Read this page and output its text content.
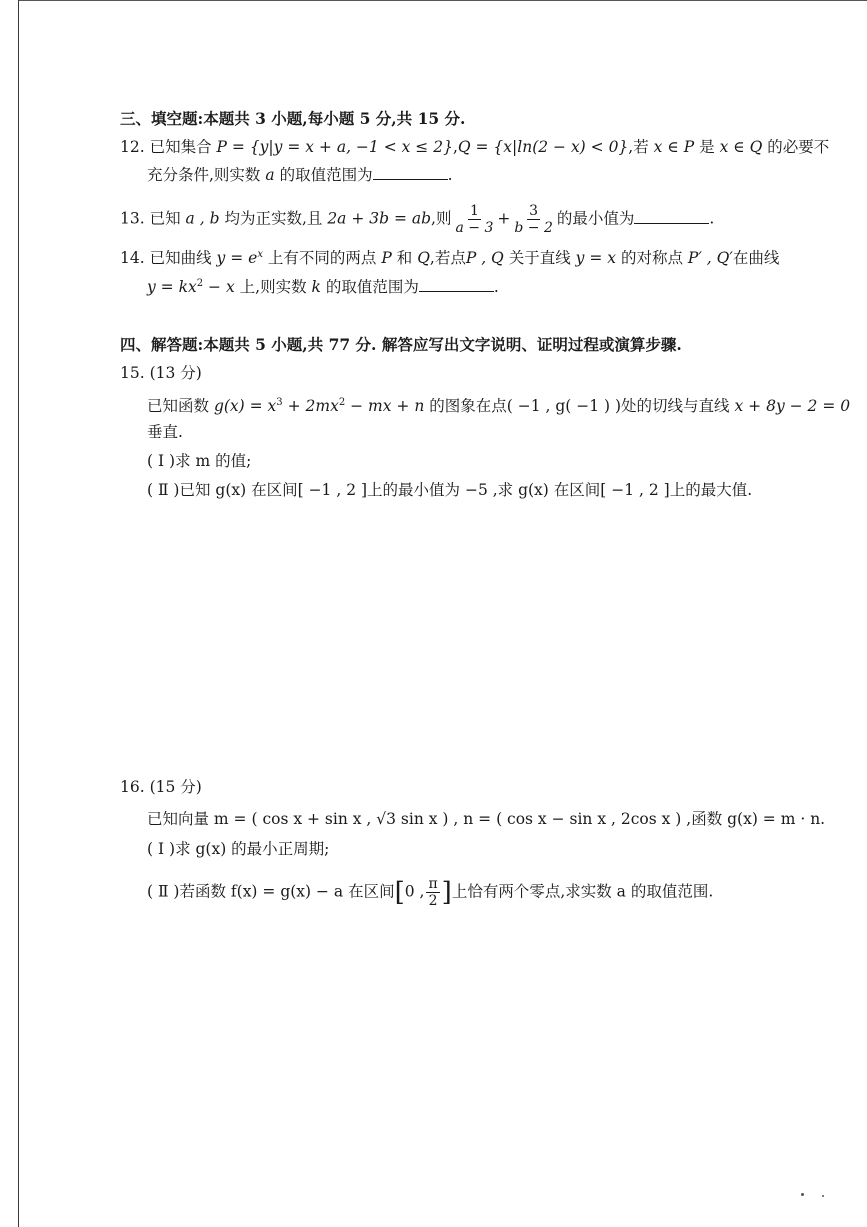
三、填空题:本题共 3 小题,每小题 5 分,共 15 分.
12. 已知集合 P = {y|y = x + a, −1 < x ≤ 2},Q = {x|ln(2 − x) < 0},若 x ∈ P 是 x ∈ Q 的必要不
充分条件,则实数 a 的取值范围为	.
13. 已知 a , b 均为正实数,且 2a + 3b = ab,则 $\frac{1}{a - 3} + \frac{3}{b - 2}$ 的最小值为	.
14. 已知曲线 $y = e^x$ 上有不同的两点 P 和 Q,若点P , Q 关于直线 y = x 的对称点 P′ , Q′在曲线
$y = kx^2 - x$ 上,则实数 k 的取值范围为	.
四、解答题:本题共 5 小题,共 77 分. 解答应写出文字说明、证明过程或演算步骤.
15. (13 分)
已知函数 $g(x) = x^3 + 2mx^2$ − mx + n 的图象在点( −1 , g( −1 ) )处的切线与直线 x + 8y − 2 = 0
垂直.
( Ⅰ )求 m 的值;
( Ⅱ )已知 g(x) 在区间[ −1 , 2 ]上的最小值为 −5 ,求 g(x) 在区间[ −1 , 2 ]上的最大值.
16. (15 分)
已知向量 m = ( cos x + sin x , √3 sin x ) , n = ( cos x − sin x , 2cos x ) ,函数 g(x) = m · n.
( Ⅰ )求 g(x) 的最小正周期;
( Ⅱ )若函数 f(x) = g(x) − a 在区间[0 , $\frac{\pi}{2}$ ]上恰有两个零点,求实数 a 的取值范围.
